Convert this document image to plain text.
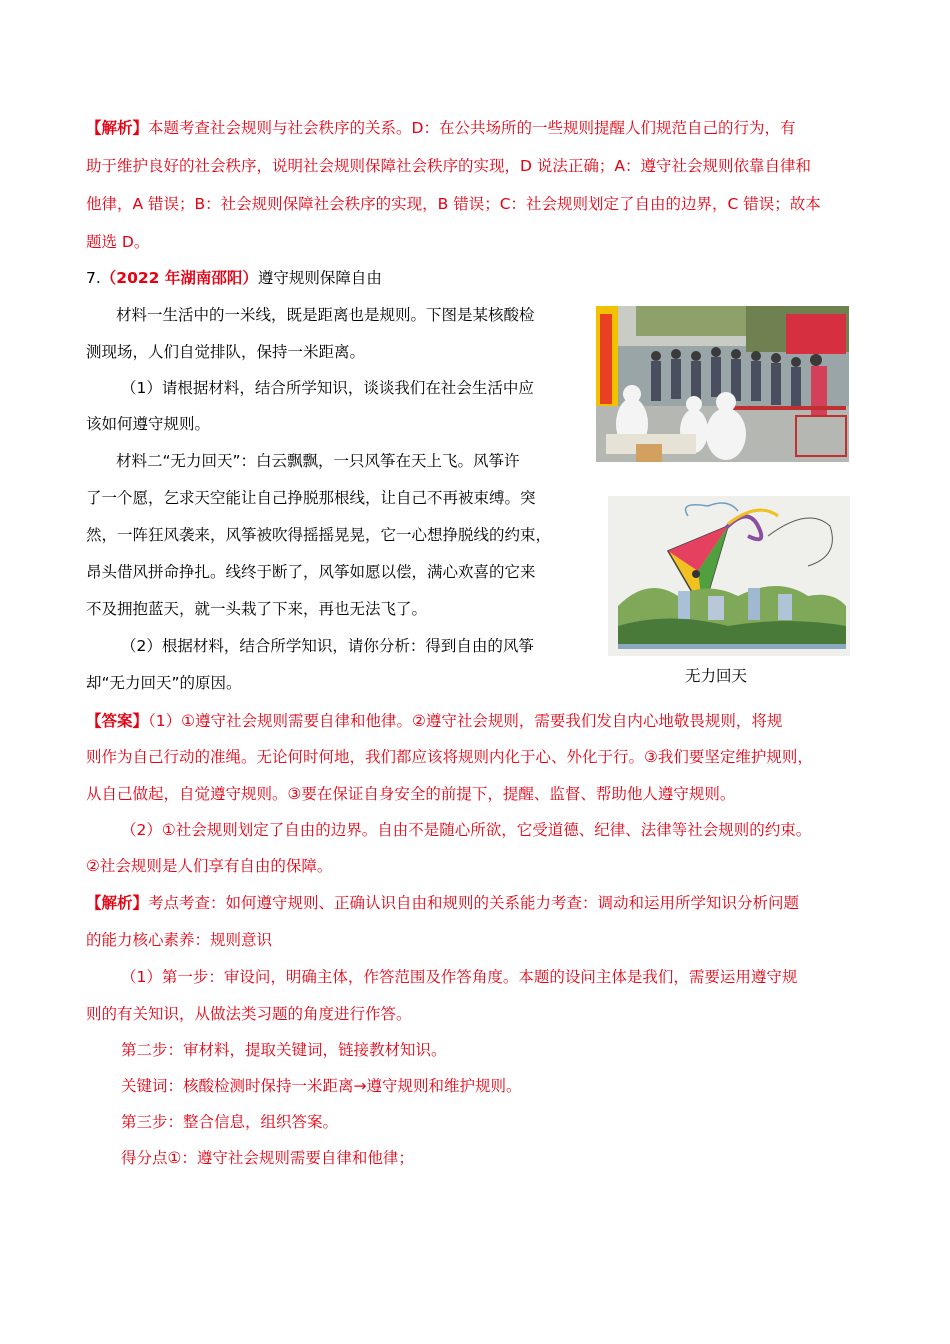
【解析】本题考查社会规则与社会秩序的关系。D：在公共场所的一些规则提醒人们规范自己的行为，有
助于维护良好的社会秩序，说明社会规则保障社会秩序的实现，D 说法正确；A：遵守社会规则依靠自律和
他律，A 错误；B：社会规则保障社会秩序的实现，B 错误；C：社会规则划定了自由的边界，C 错误；故本
题选 D。
7.（2022 年湖南邵阳）遵守规则保障自由
材料一生活中的一米线，既是距离也是规则。下图是某核酸检
测现场，人们自觉排队，保持一米距离。
（1）请根据材料，结合所学知识，谈谈我们在社会生活中应
该如何遵守规则。
材料二“无力回天”：白云飘飘，一只风筝在天上飞。风筝许
了一个愿，乞求天空能让自己挣脱那根线，让自己不再被束缚。突
然，一阵狂风袭来，风筝被吹得摇摇晃晃，它一心想挣脱线的约束，
昂头借风拼命挣扎。线终于断了，风筝如愿以偿，满心欢喜的它来
不及拥抱蓝天，就一头栽了下来，再也无法飞了。
（2）根据材料，结合所学知识，请你分析：得到自由的风筝
却“无力回天”的原因。	无力回天
【答案】（1）①遵守社会规则需要自律和他律。②遵守社会规则，需要我们发自内心地敬畏规则，将规
则作为自己行动的准绳。无论何时何地，我们都应该将规则内化于心、外化于行。③我们要坚定维护规则，
从自己做起，自觉遵守规则。③要在保证自身安全的前提下，提醒、监督、帮助他人遵守规则。
（2）①社会规则划定了自由的边界。自由不是随心所欲，它受道德、纪律、法律等社会规则的约束。
②社会规则是人们享有自由的保障。
【解析】考点考查：如何遵守规则、正确认识自由和规则的关系能力考查：调动和运用所学知识分析问题
的能力核心素养：规则意识
（1）第一步：审设问，明确主体，作答范围及作答角度。本题的设问主体是我们，需要运用遵守规
则的有关知识，从做法类习题的角度进行作答。
第二步：审材料，提取关键词，链接教材知识。
关键词：核酸检测时保持一米距离→遵守规则和维护规则。
第三步：整合信息，组织答案。
得分点①：遵守社会规则需要自律和他律；
